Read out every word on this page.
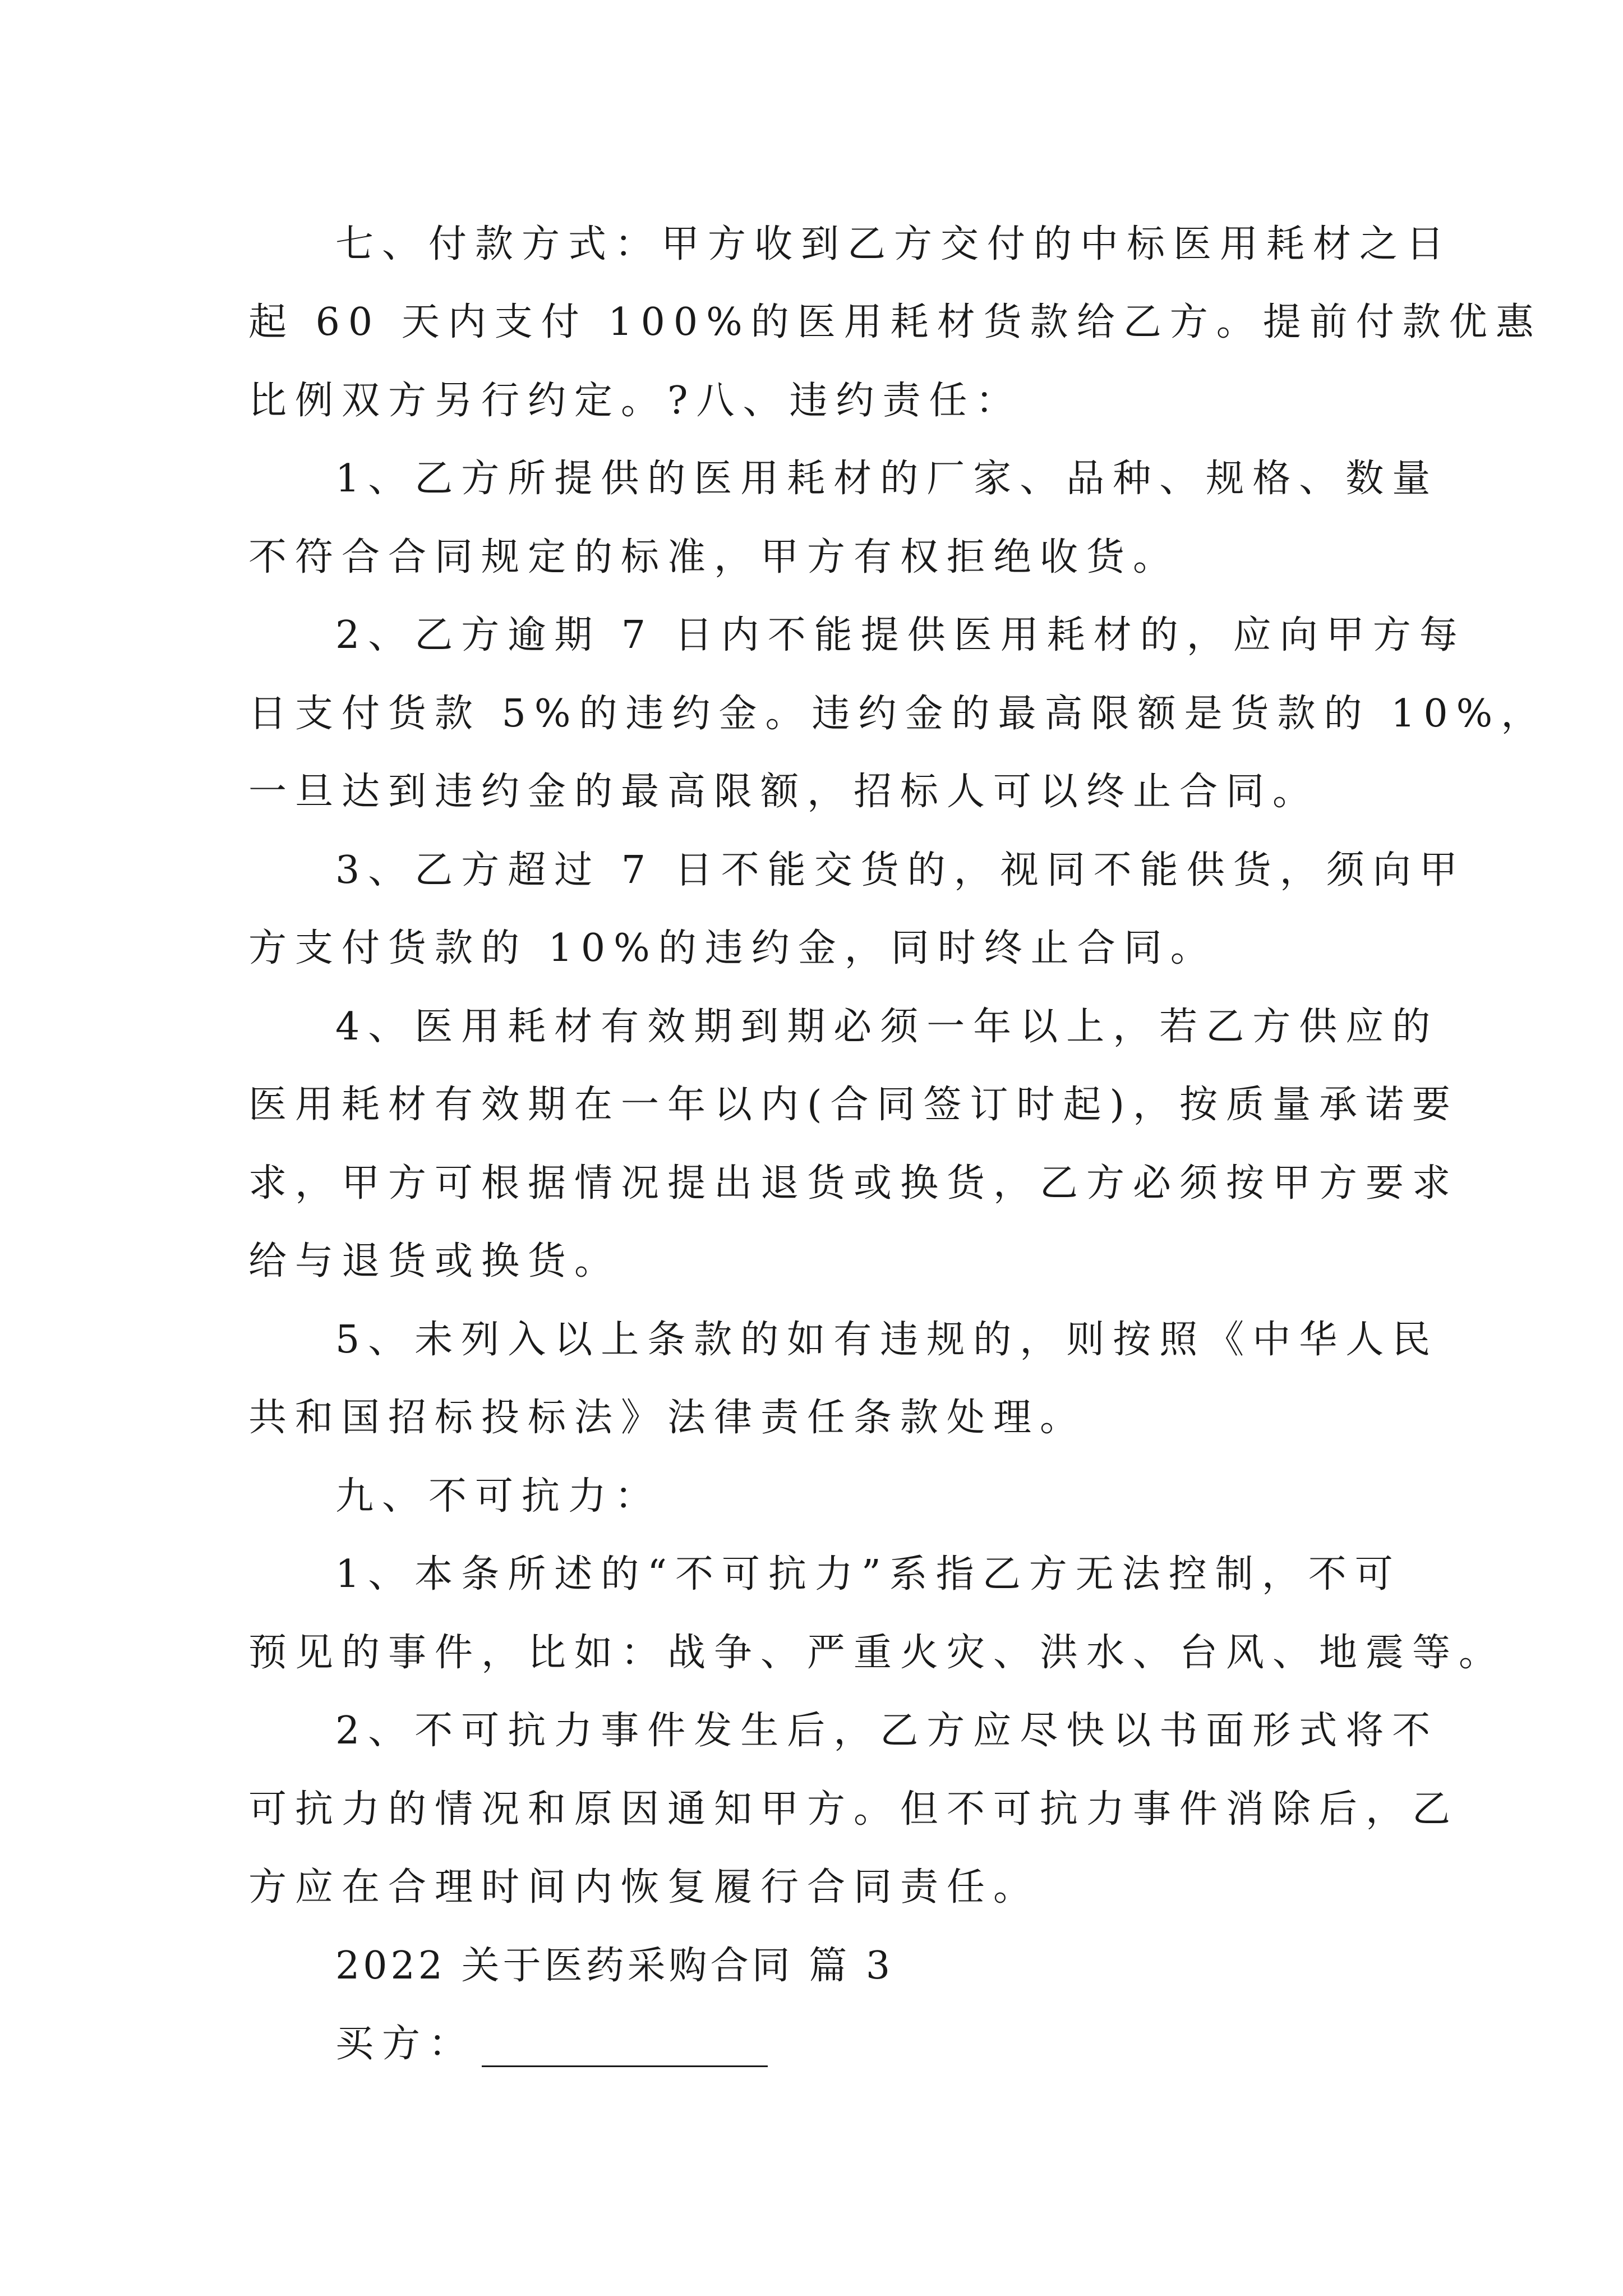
七、付款方式：甲方收到乙方交付的中标医用耗材之日
起 60 天内支付 100%的医用耗材货款给乙方。提前付款优惠
比例双方另行约定。?八、违约责任：
1、乙方所提供的医用耗材的厂家、品种、规格、数量
不符合合同规定的标准，甲方有权拒绝收货。
2、乙方逾期 7 日内不能提供医用耗材的，应向甲方每
日支付货款 5%的违约金。违约金的最高限额是货款的 10%，
一旦达到违约金的最高限额，招标人可以终止合同。
3、乙方超过 7 日不能交货的，视同不能供货，须向甲
方支付货款的 10%的违约金，同时终止合同。
4、医用耗材有效期到期必须一年以上，若乙方供应的
医用耗材有效期在一年以内(合同签订时起)，按质量承诺要
求，甲方可根据情况提出退货或换货，乙方必须按甲方要求
给与退货或换货。
5、未列入以上条款的如有违规的，则按照《中华人民
共和国招标投标法》法律责任条款处理。
九、不可抗力：
1、本条所述的“不可抗力”系指乙方无法控制，不可
预见的事件，比如：战争、严重火灾、洪水、台风、地震等。
2、不可抗力事件发生后，乙方应尽快以书面形式将不
可抗力的情况和原因通知甲方。但不可抗力事件消除后，乙
方应在合理时间内恢复履行合同责任。
2022 关于医药采购合同 篇 3
买方：
